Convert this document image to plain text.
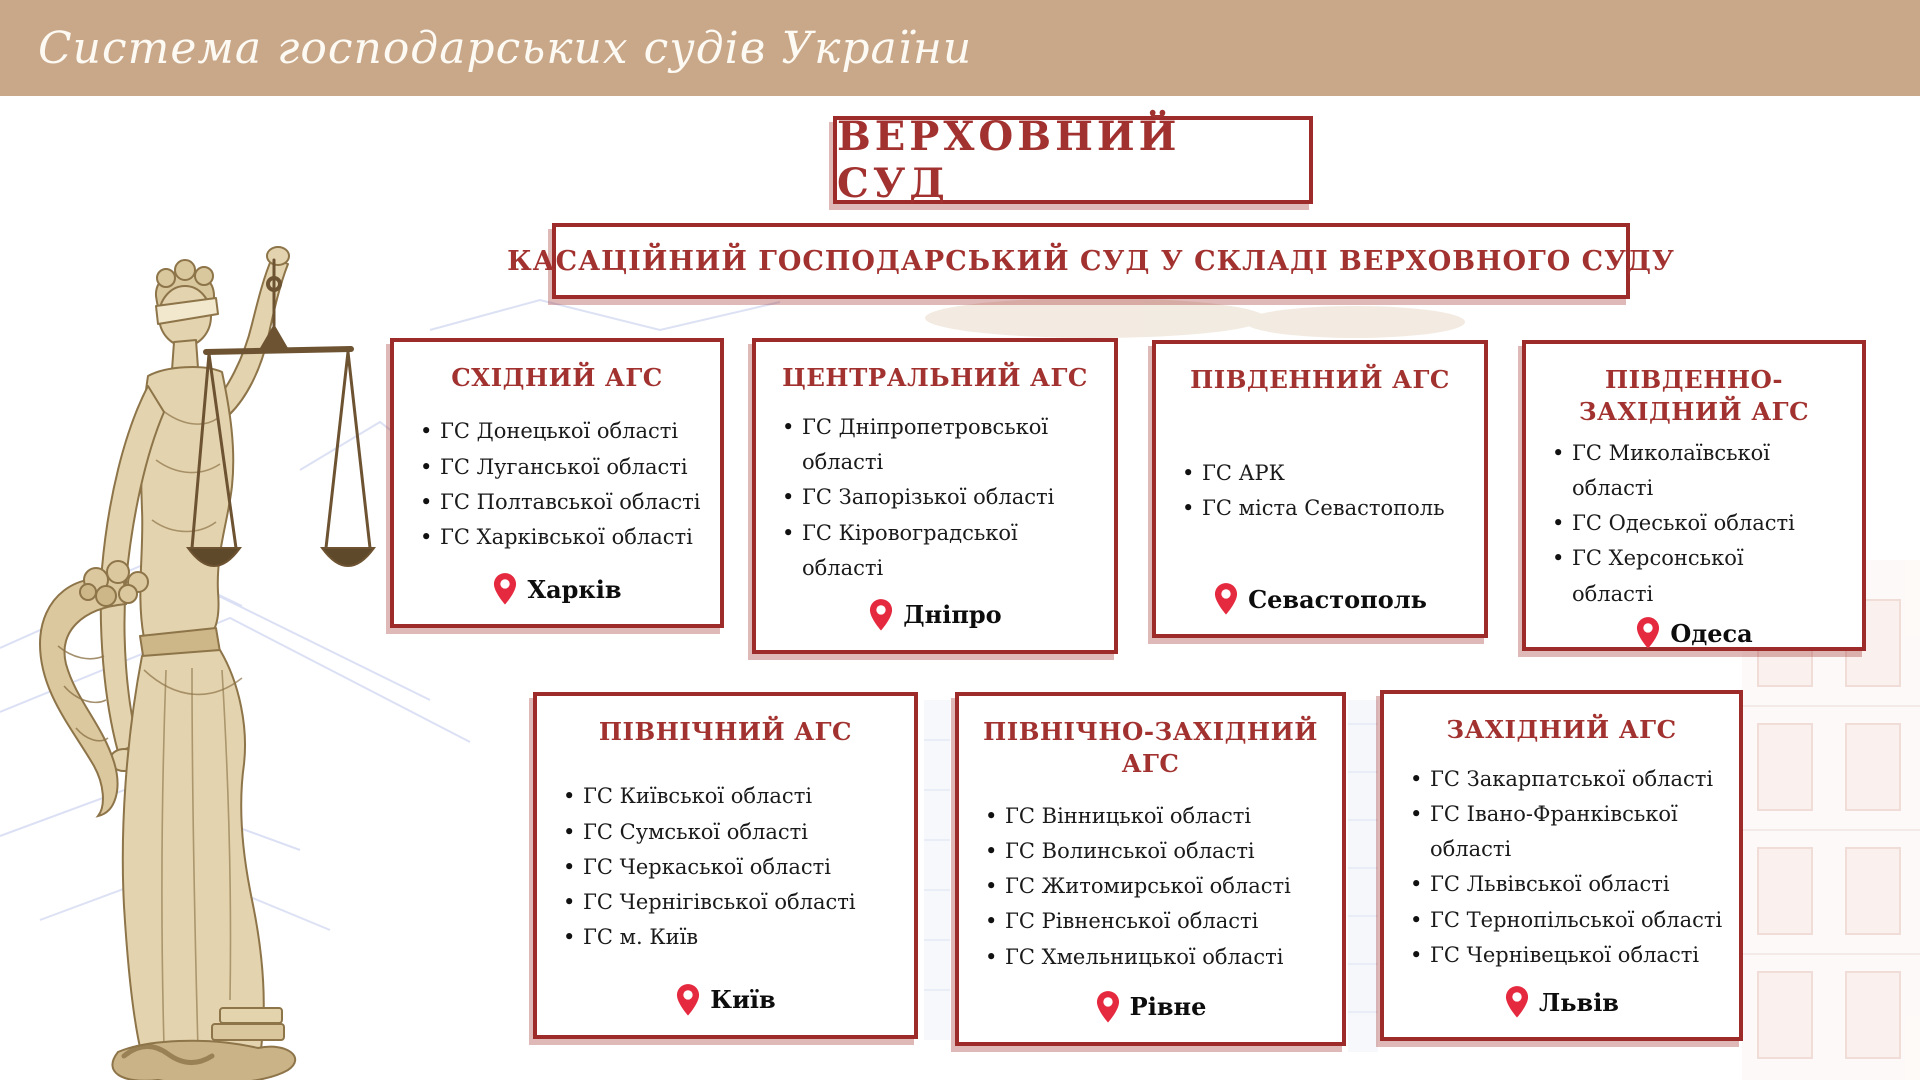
Система господарських судів України
ВЕРХОВНИЙ СУД
КАСАЦІЙНИЙ ГОСПОДАРСЬКИЙ СУД У СКЛАДІ ВЕРХОВНОГО СУДУ
СХІДНИЙ АГС
• ГС Донецької області
• ГС Луганської області
• ГС Полтавської області
• ГС Харківської області
Харків
ЦЕНТРАЛЬНИЙ АГС
• ГС Дніпропетровської області
• ГС Запорізької області
• ГС Кіровоградської області
Дніпро
ПІВДЕННИЙ АГС
• ГС АРК
• ГС міста Севастополь
Севастополь
ПІВДЕННО-ЗАХІДНИЙ АГС
• ГС Миколаївської області
• ГС Одеської області
• ГС Херсонської області
Одеса
ПІВНІЧНИЙ АГС
• ГС Київської області
• ГС Сумської області
• ГС Черкаської області
• ГС Чернігівської області
• ГС м. Київ
Київ
ПІВНІЧНО-ЗАХІДНИЙ АГС
• ГС Вінницької області
• ГС Волинської області
• ГС Житомирської області
• ГС Рівненської області
• ГС Хмельницької області
Рівне
ЗАХІДНИЙ АГС
• ГС Закарпатської області
• ГС Івано-Франківської області
• ГС Львівської області
• ГС Тернопільської області
• ГС Чернівецької області
Львів
